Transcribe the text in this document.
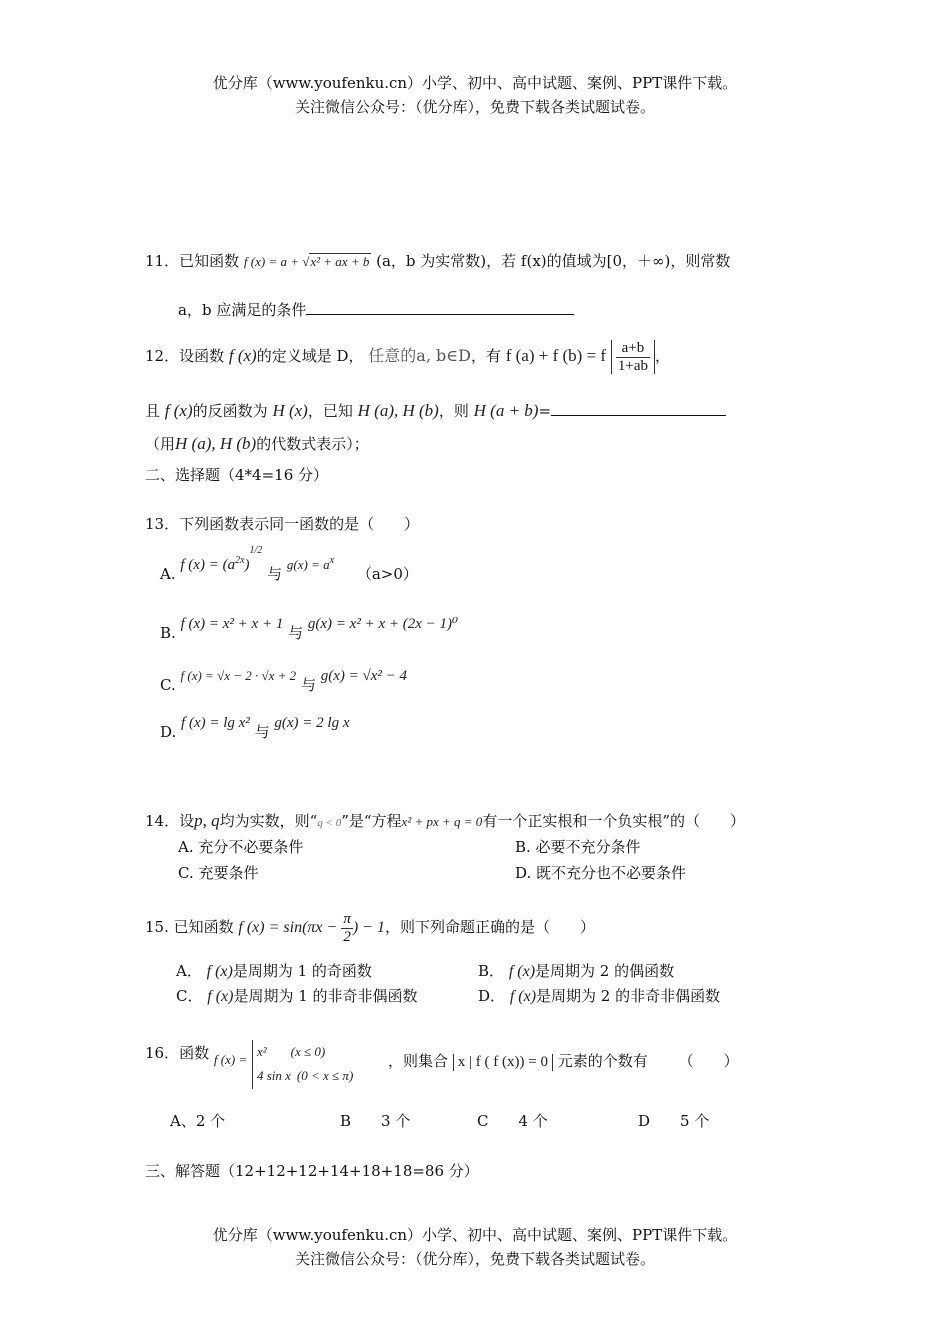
优分库（www.youfenku.cn）小学、初中、高中试题、案例、PPT课件下载。
关注微信公众号：（优分库），免费下载各类试题试卷。
11．已知函数 f (x) = a + √x² + ax + b (a，b 为实常数)，若 f(x)的值域为[0，＋∞)，则常数
a，b 应满足的条件
12．设函数 f (x)的定义域是 D， 任意的a, b∈D，有 f (a) + f (b) = f $\frac{a+b}{1+ab}$ ，
且 f (x)的反函数为 H (x)，已知 H (a), H (b)，则 H (a + b)=
（用H (a), H (b)的代数式表示）；
二、选择题（4*4=16 分）
13．下列函数表示同一函数的是（　　）
A. f $(x) = (a^{2x})^{1/2}$ 与 $g(x) = a^x$ （a>0）
B. f (x) = x² + x + 1 与 g(x) = x² + x + (2x − 1)⁰
C. f (x) = √x − 2 · √x + 2 与 g(x) = √x² − 4
D. f (x) = lg x² 与 g(x) = 2 lg x
14．设p, q均为实数，则“q < 0”是“方程x² + px + q = 0有一个正实根和一个负实根”的（　　）
A. 充分不必要条件	B. 必要不充分条件
C. 充要条件	D. 既不充分也不必要条件
15. 已知函数 f $(x) = \sin(\pi x - \frac{\pi}{2}$ ) − 1，则下列命题正确的是（　　）
A． f (x)是周期为 1 的奇函数	B． f (x)是周期为 2 的偶函数
C． f (x)是周期为 1 的非奇非偶函数	D． f (x)是周期为 2 的非奇非偶函数
16．函数 f (x) =
x² (x ≤ 0)
4 sin x (0 < x ≤ π)
，则集合 x | f ( f (x)) = 0 元素的个数有 （　　）
A、2 个	B　　3 个	C　　4 个	D　　5 个
三、解答题（12+12+12+14+18+18=86 分）
优分库（www.youfenku.cn）小学、初中、高中试题、案例、PPT课件下载。
关注微信公众号：（优分库），免费下载各类试题试卷。
